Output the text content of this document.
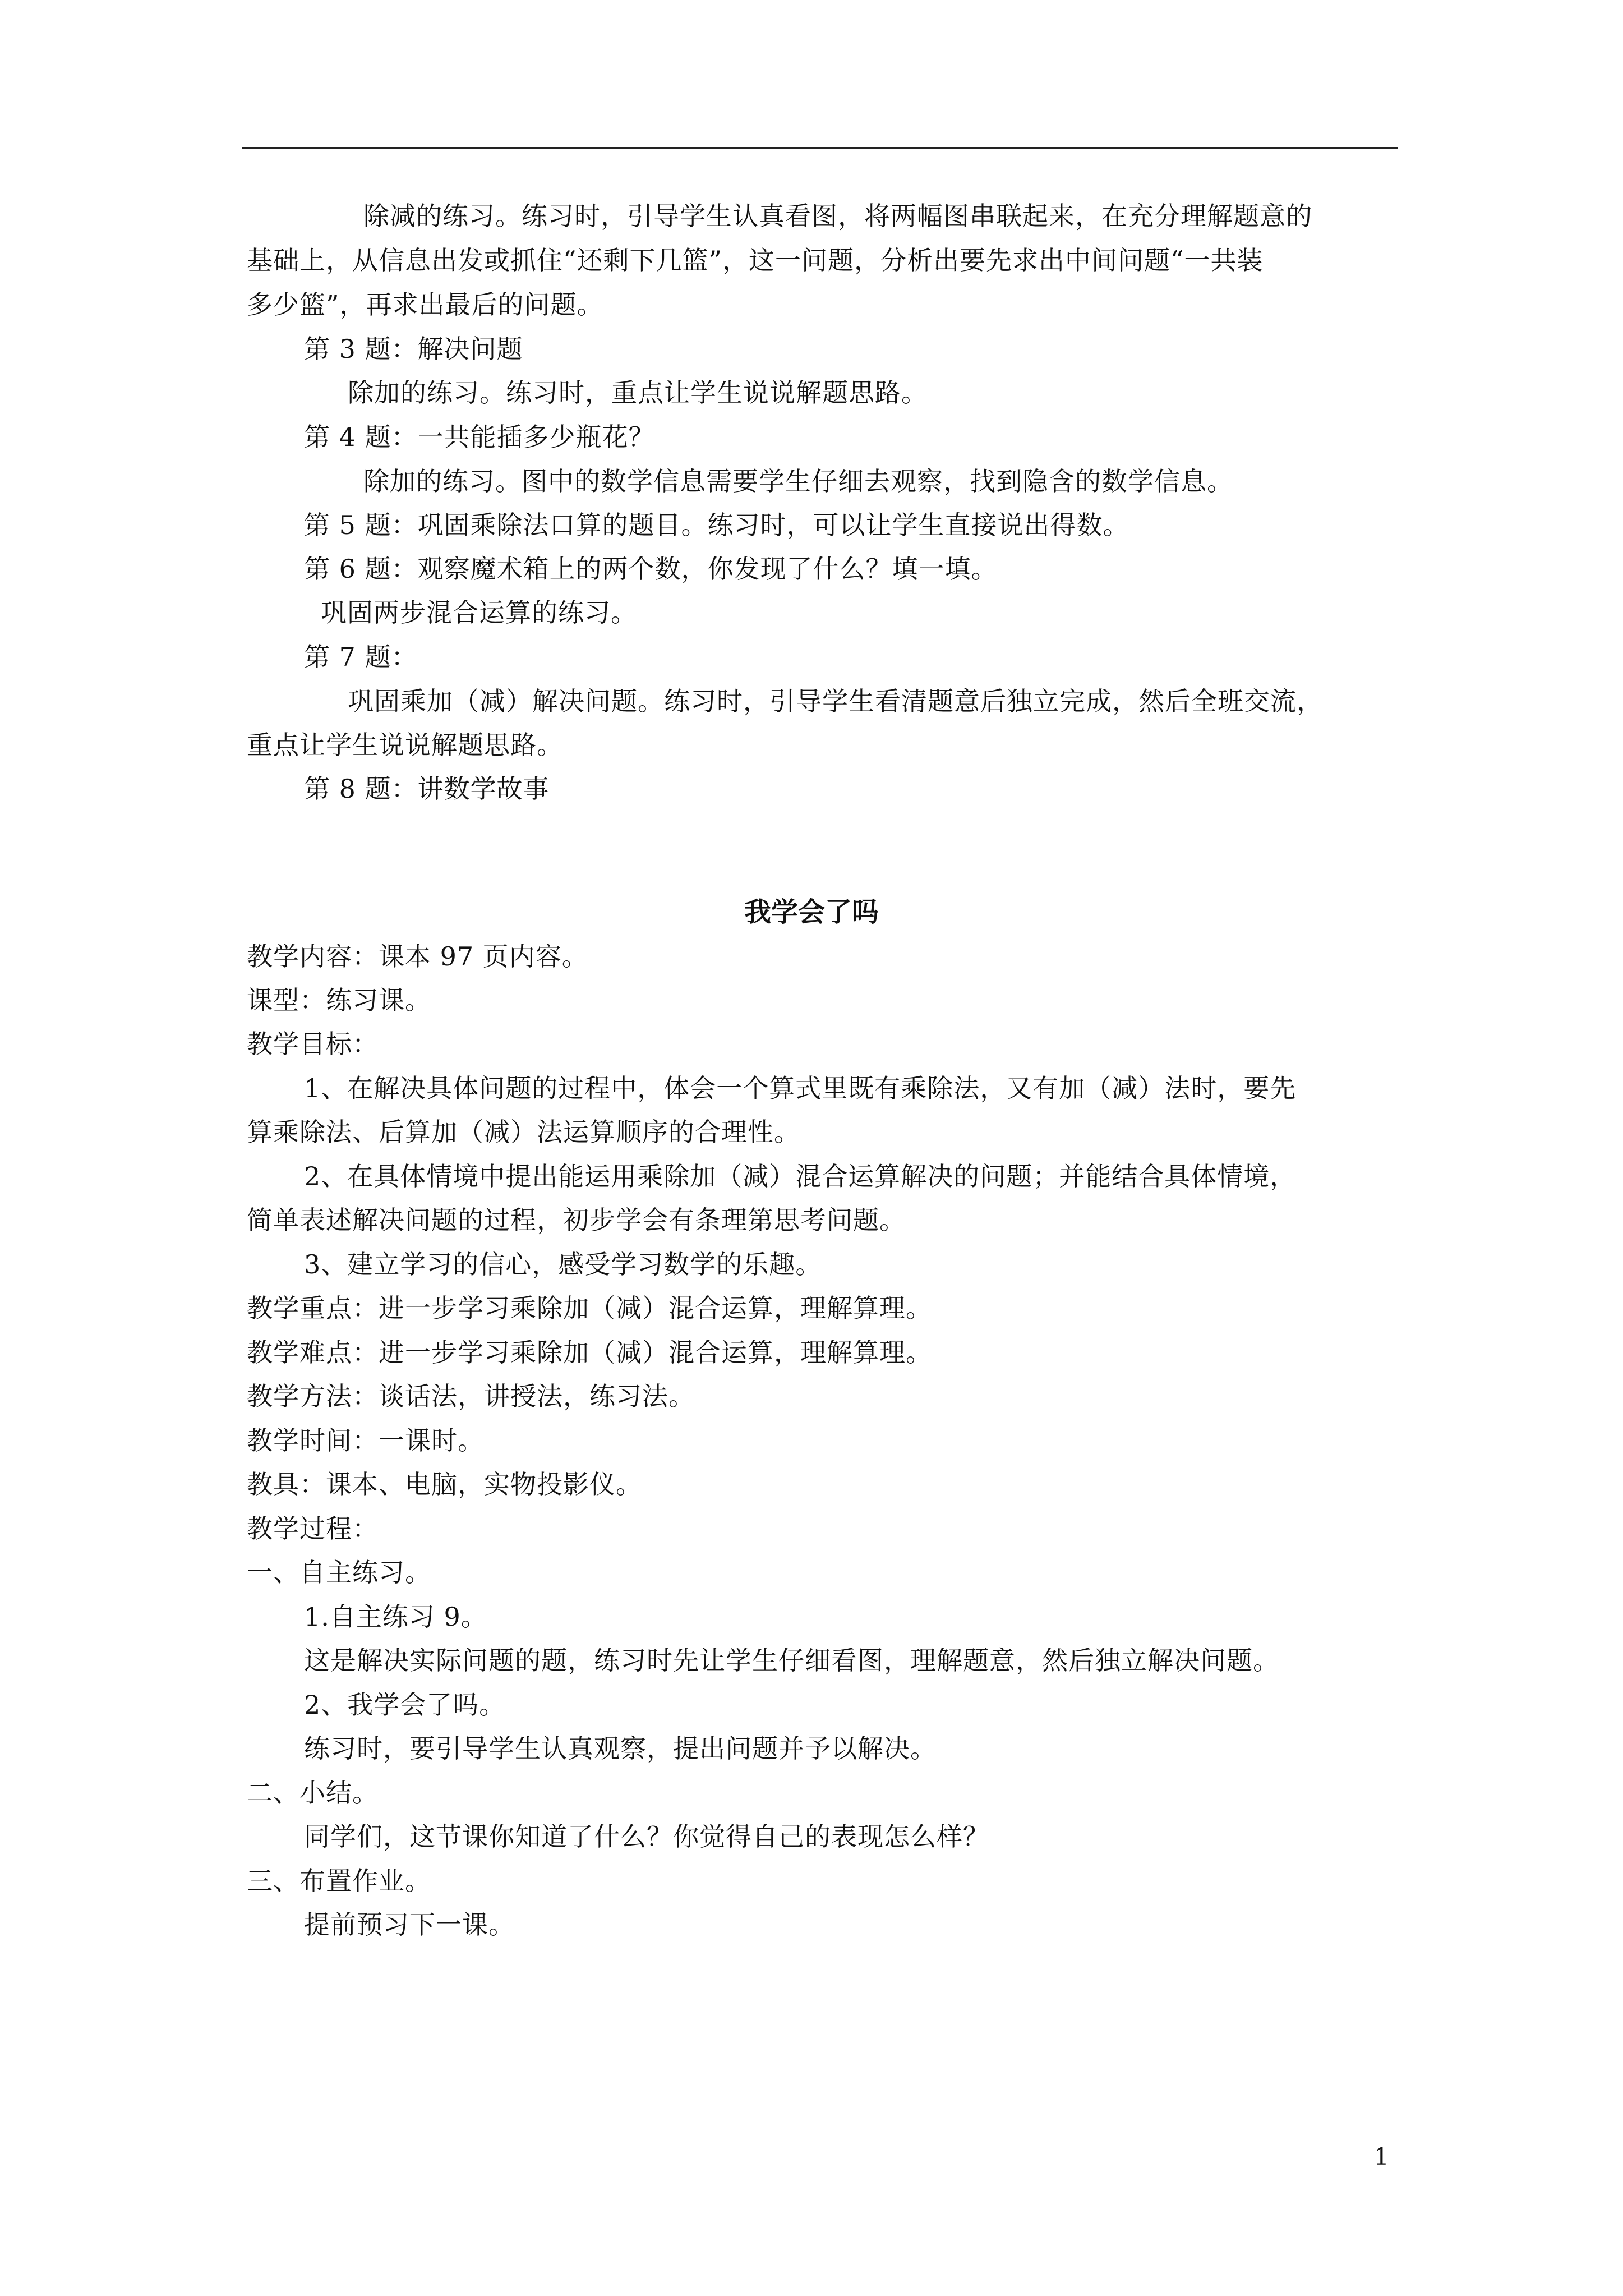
除减的练习。练习时，引导学生认真看图，将两幅图串联起来，在充分理解题意的
基础上，从信息出发或抓住“还剩下几篮”，这一问题，分析出要先求出中间问题“一共装
多少篮”，再求出最后的问题。
第 3 题：解决问题
除加的练习。练习时，重点让学生说说解题思路。
第 4 题：一共能插多少瓶花？
除加的练习。图中的数学信息需要学生仔细去观察，找到隐含的数学信息。
第 5 题：巩固乘除法口算的题目。练习时，可以让学生直接说出得数。
第 6 题：观察魔术箱上的两个数，你发现了什么？填一填。
巩固两步混合运算的练习。
第 7 题：
巩固乘加（减）解决问题。练习时，引导学生看清题意后独立完成，然后全班交流，
重点让学生说说解题思路。
第 8 题：讲数学故事
我学会了吗
教学内容：课本 97 页内容。
课型：练习课。
教学目标：
1、在解决具体问题的过程中，体会一个算式里既有乘除法，又有加（减）法时，要先
算乘除法、后算加（减）法运算顺序的合理性。
2、在具体情境中提出能运用乘除加（减）混合运算解决的问题；并能结合具体情境，
简单表述解决问题的过程，初步学会有条理第思考问题。
3、建立学习的信心，感受学习数学的乐趣。
教学重点：进一步学习乘除加（减）混合运算，理解算理。
教学难点：进一步学习乘除加（减）混合运算，理解算理。
教学方法：谈话法，讲授法，练习法。
教学时间：一课时。
教具：课本、电脑，实物投影仪。
教学过程：
一、自主练习。
1.自主练习 9。
这是解决实际问题的题，练习时先让学生仔细看图，理解题意，然后独立解决问题。
2、我学会了吗。
练习时，要引导学生认真观察，提出问题并予以解决。
二、小结。
同学们，这节课你知道了什么？你觉得自己的表现怎么样？
三、布置作业。
提前预习下一课。
1
